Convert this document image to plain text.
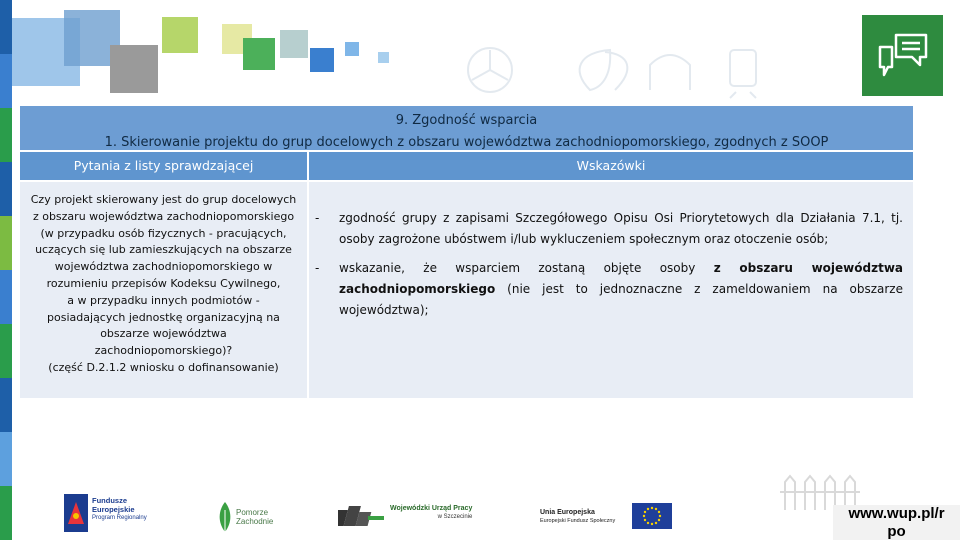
9. Zgodność wsparcia
1. Skierowanie projektu do grup docelowych z obszaru województwa zachodniopomorskiego, zgodnych z SOOP
Pytania z listy sprawdzającej	Wskazówki
Czy projekt skierowany jest do grup docelowych
z obszaru województwa zachodniopomorskiego
(w przypadku osób fizycznych - pracujących,
uczących się lub zamieszkujących na obszarze
województwa zachodniopomorskiego w
rozumieniu przepisów Kodeksu Cywilnego,
a w przypadku innych podmiotów -
posiadających jednostkę organizacyjną na
obszarze województwa
zachodniopomorskiego)?
(część D.2.1.2 wniosku o dofinansowanie)
-	zgodność grupy z zapisami Szczegółowego Opisu Osi Priorytetowych dla Działania 7.1, tj. osoby zagrożone ubóstwem i/lub wykluczeniem społecznym oraz otoczenie osób;
-	wskazanie, że wsparciem zostaną objęte osoby z obszaru województwa zachodniopomorskiego (nie jest to jednoznaczne z zameldowaniem na obszarze województwa);
Fundusze
Europejskie
Program Regionalny
Pomorze
Zachodnie
Wojewódzki Urząd Pracy
w Szczecinie
Unia Europejska
Europejski Fundusz Społeczny	www.wup.pl/r
po
